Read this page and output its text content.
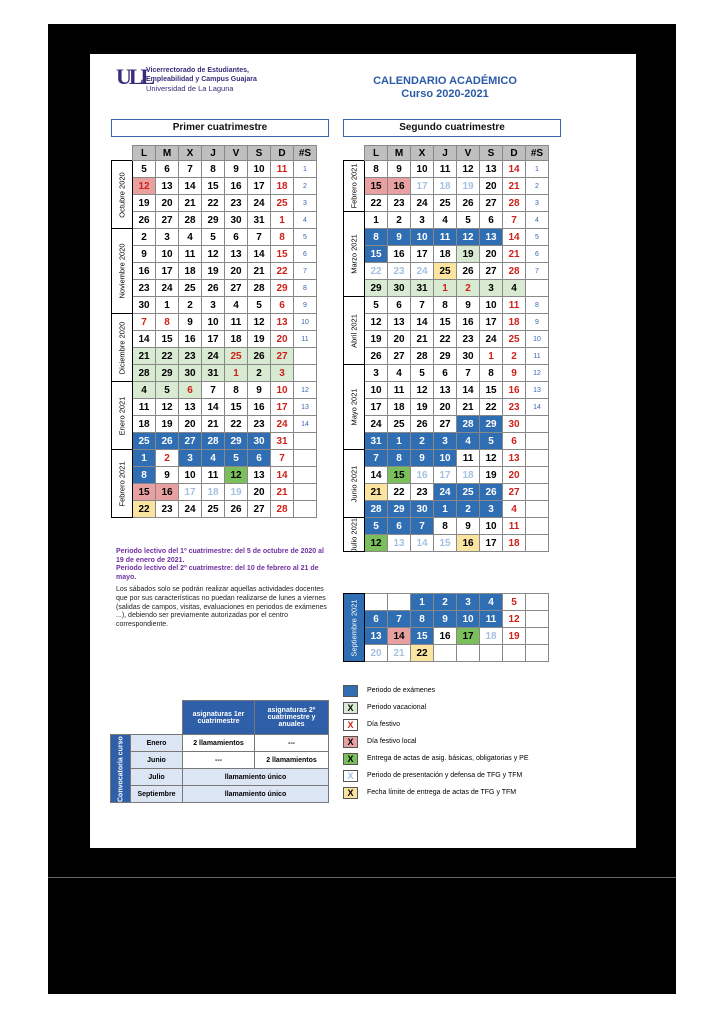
ULL
Vicerrectorado de Estudiantes,
Empleabilidad y Campus Guajara
Universidad de La Laguna
CALENDARIO ACADÉMICO
Curso 2020-2021
Primer cuatrimestre	Segundo cuatrimestre
	L	M	X	J	V	S	D	#S

Octubre 2020	5	6	7	8	9	10	11	1
	12	13	14	15	16	17	18	2
	19	20	21	22	23	24	25	3
	26	27	28	29	30	31	1	4

Noviembre 2020	2	3	4	5	6	7	8	5
	9	10	11	12	13	14	15	6
	16	17	18	19	20	21	22	7
	23	24	25	26	27	28	29	8
	30	1	2	3	4	5	6	9

Diciembre 2020	7	8	9	10	11	12	13	10
	14	15	16	17	18	19	20	11
	21	22	23	24	25	26	27	
	28	29	30	31	1	2	3	

Enero 2021	4	5	6	7	8	9	10	12
	11	12	13	14	15	16	17	13
	18	19	20	21	22	23	24	14
	25	26	27	28	29	30	31	

Febrero 2021	1	2	3	4	5	6	7	
	8	9	10	11	12	13	14	
	15	16	17	18	19	20	21	
	22	23	24	25	26	27	28	
	L	M	X	J	V	S	D	#S

Febrero 2021	8	9	10	11	12	13	14	1
	15	16	17	18	19	20	21	2
	22	23	24	25	26	27	28	3

Marzo 2021	1	2	3	4	5	6	7	4
	8	9	10	11	12	13	14	5
	15	16	17	18	19	20	21	6
	22	23	24	25	26	27	28	7
	29	30	31	1	2	3	4	

Abril 2021	5	6	7	8	9	10	11	8
	12	13	14	15	16	17	18	9
	19	20	21	22	23	24	25	10
	26	27	28	29	30	1	2	11

Mayo 2021	3	4	5	6	7	8	9	12
	10	11	12	13	14	15	16	13
	17	18	19	20	21	22	23	14
	24	25	26	27	28	29	30	
	31	1	2	3	4	5	6	

Junio 2021	7	8	9	10	11	12	13	
	14	15	16	17	18	19	20	
	21	22	23	24	25	26	27	
	28	29	30	1	2	3	4	

Julio 2021	5	6	7	8	9	10	11	
	12	13	14	15	16	17	18	
Septiembre 2021			1	2	3	4	5	
	6	7	8	9	10	11	12	
	13	14	15	16	17	18	19	
	20	21	22					
Periodo lectivo del 1º cuatrimestre: del 5 de octubre de 2020 al 19 de enero de 2021.
Periodo lectivo del 2º cuatrimestre: del 10 de febrero al 21 de mayo.
Los sábados solo se podrán realizar aquellas actividades docentes que por sus características no puedan realizarse de lunes a viernes (salidas de campos, visitas, evaluaciones en periodos de exámenes ...), debiendo ser previamente autorizadas por el centro correspondiente.
		asignaturas 1er cuatrimestre	asignaturas 2º cuatrimestre y anuales

Convocatoria curso 2019-20	Enero	2 llamamientos	---
	Junio	---	2 llamamientos
	Julio	llamamiento único	
	Septiembre	llamamiento único	
Periodo de exámenes
X	Periodo vacacional
X	Día festivo
X	Día festivo local
X	Entrega de actas de asig. básicas, obligatorias y PE
X	Periodo de presentación y defensa de TFG y TFM
X	Fecha límite de entrega de actas de TFG y TFM
